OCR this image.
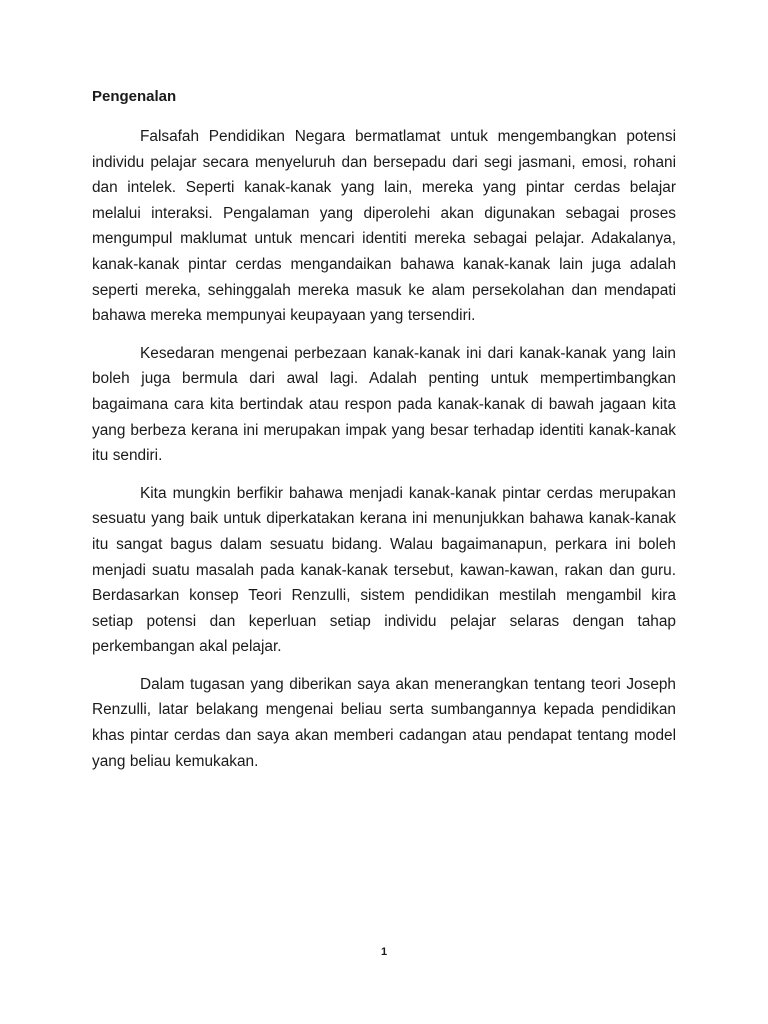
Pengenalan

Falsafah Pendidikan Negara bermatlamat untuk mengembangkan potensi individu pelajar secara menyeluruh dan bersepadu dari segi jasmani, emosi, rohani dan intelek. Seperti kanak-kanak yang lain, mereka yang pintar cerdas belajar melalui interaksi. Pengalaman yang diperolehi akan digunakan sebagai proses mengumpul maklumat untuk mencari identiti mereka sebagai pelajar. Adakalanya, kanak-kanak pintar cerdas mengandaikan bahawa kanak-kanak lain juga adalah seperti mereka, sehinggalah mereka masuk ke alam persekolahan dan mendapati bahawa mereka mempunyai keupayaan yang tersendiri.

Kesedaran mengenai perbezaan kanak-kanak ini dari kanak-kanak yang lain boleh juga bermula dari awal lagi. Adalah penting untuk mempertimbangkan bagaimana cara kita bertindak atau respon pada kanak-kanak di bawah jagaan kita yang berbeza kerana ini merupakan impak yang besar terhadap identiti kanak-kanak itu sendiri.

Kita mungkin berfikir bahawa menjadi kanak-kanak pintar cerdas merupakan sesuatu yang baik untuk diperkatakan kerana ini menunjukkan bahawa kanak-kanak itu sangat bagus dalam sesuatu bidang. Walau bagaimanapun, perkara ini boleh menjadi suatu masalah pada kanak-kanak tersebut, kawan-kawan, rakan dan guru. Berdasarkan konsep Teori Renzulli, sistem pendidikan mestilah mengambil kira setiap potensi dan keperluan setiap individu pelajar selaras dengan tahap perkembangan akal pelajar.

Dalam tugasan yang diberikan saya akan menerangkan tentang teori Joseph Renzulli, latar belakang mengenai beliau serta sumbangannya kepada pendidikan khas pintar cerdas dan saya akan memberi cadangan atau pendapat tentang model yang beliau kemukakan.

1
